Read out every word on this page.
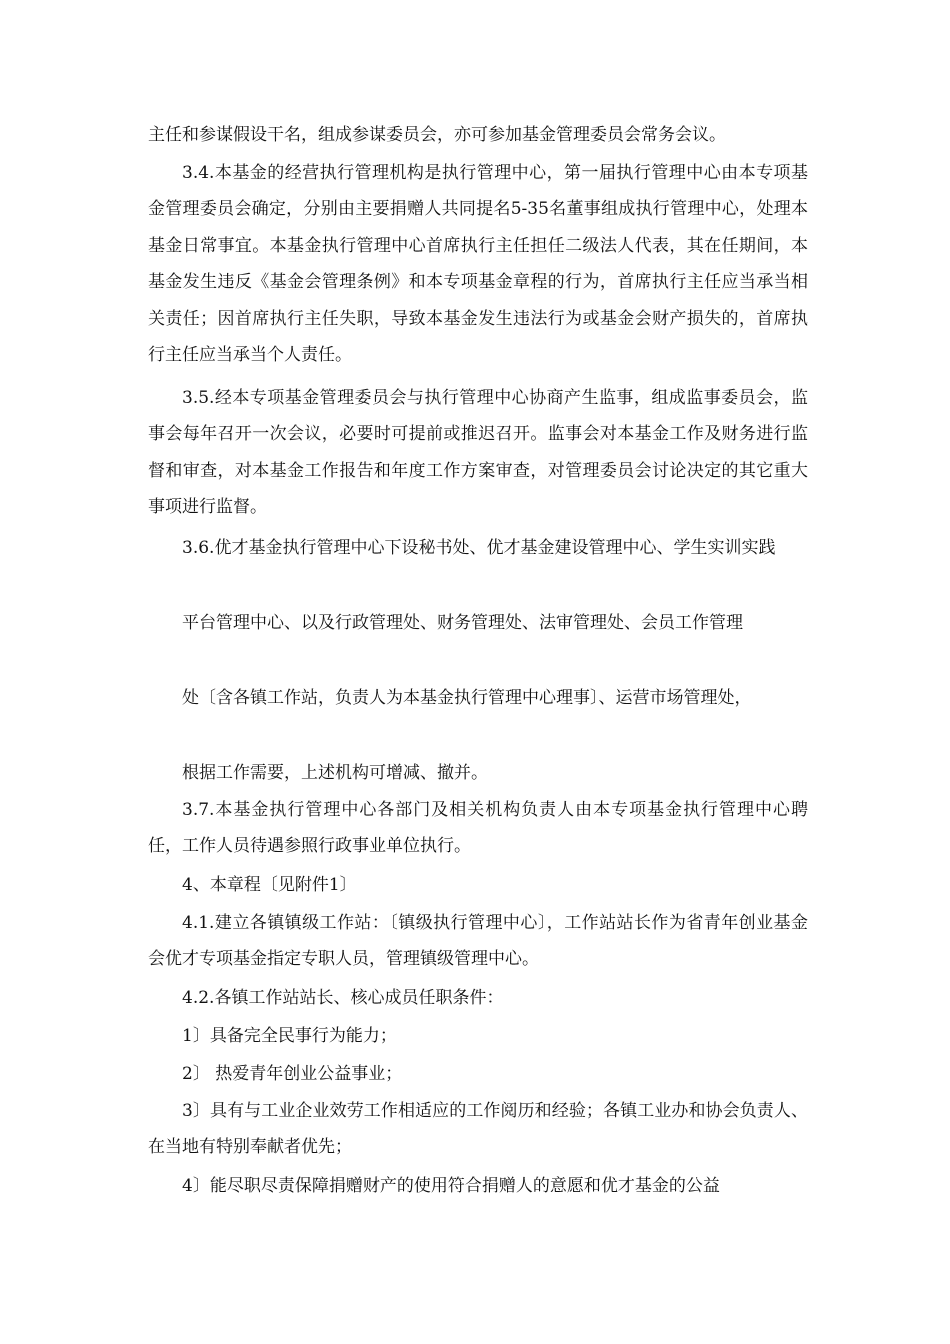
主任和参谋假设干名，组成参谋委员会，亦可参加基金管理委员会常务会议。

3.4.本基金的经营执行管理机构是执行管理中心，第一届执行管理中心由本专项基金管理委员会确定，分别由主要捐赠人共同提名5-35名董事组成执行管理中心，处理本基金日常事宜。本基金执行管理中心首席执行主任担任二级法人代表，其在任期间，本基金发生违反《基金会管理条例》和本专项基金章程的行为，首席执行主任应当承当相关责任；因首席执行主任失职，导致本基金发生违法行为或基金会财产损失的，首席执行主任应当承当个人责任。

3.5.经本专项基金管理委员会与执行管理中心协商产生监事，组成监事委员会，监事会每年召开一次会议，必要时可提前或推迟召开。监事会对本基金工作及财务进行监督和审查，对本基金工作报告和年度工作方案审查，对管理委员会讨论决定的其它重大事项进行监督。

3.6.优才基金执行管理中心下设秘书处、优才基金建设管理中心、学生实训实践

平台管理中心、以及行政管理处、财务管理处、法审管理处、会员工作管理

处〔含各镇工作站，负责人为本基金执行管理中心理事〕、运营市场管理处，

根据工作需要，上述机构可增减、撤并。

3.7.本基金执行管理中心各部门及相关机构负责人由本专项基金执行管理中心聘任，工作人员待遇参照行政事业单位执行。

4、本章程〔见附件1〕

4.1.建立各镇镇级工作站：〔镇级执行管理中心〕，工作站站长作为省青年创业基金会优才专项基金指定专职人员，管理镇级管理中心。

4.2.各镇工作站站长、核心成员任职条件：

1〕具备完全民事行为能力；

2〕 热爱青年创业公益事业；

3〕具有与工业企业效劳工作相适应的工作阅历和经验；各镇工业办和协会负责人、在当地有特别奉献者优先；

4〕能尽职尽责保障捐赠财产的使用符合捐赠人的意愿和优才基金的公益
